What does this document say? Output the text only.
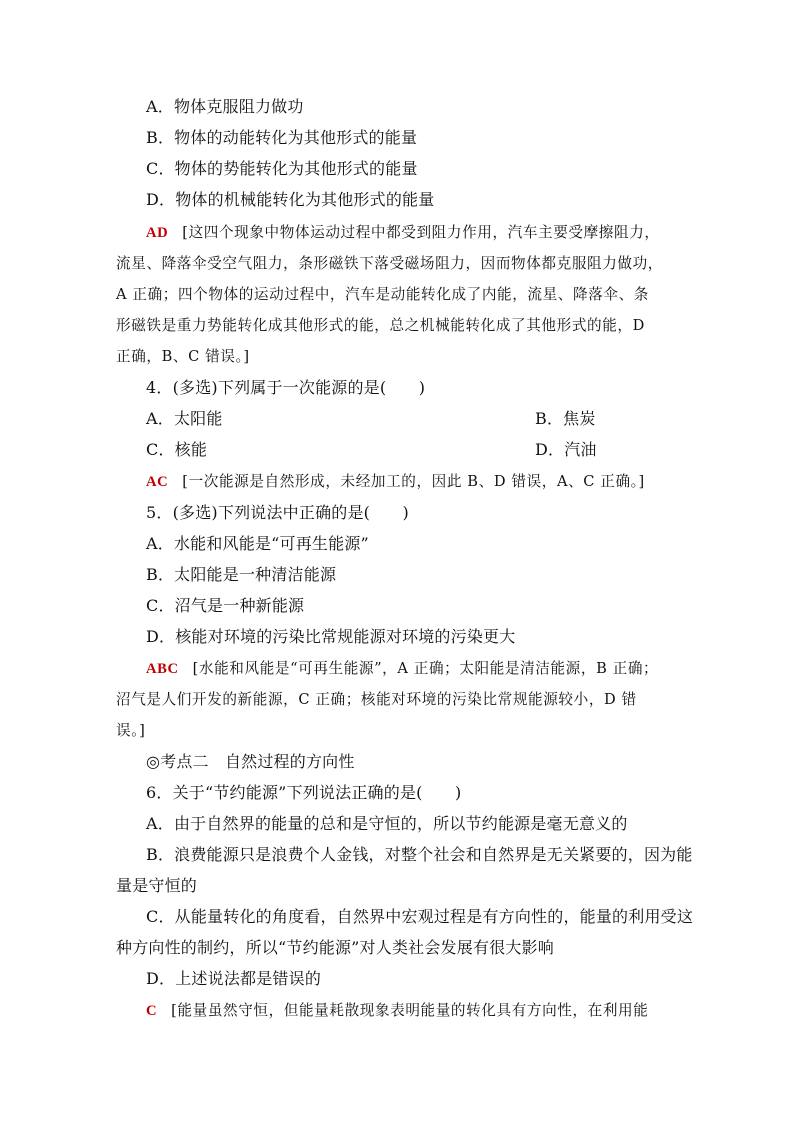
A．物体克服阻力做功
B．物体的动能转化为其他形式的能量
C．物体的势能转化为其他形式的能量
D．物体的机械能转化为其他形式的能量
AD [这四个现象中物体运动过程中都受到阻力作用，汽车主要受摩擦阻力，
流星、降落伞受空气阻力，条形磁铁下落受磁场阻力，因而物体都克服阻力做功，
A 正确；四个物体的运动过程中，汽车是动能转化成了内能，流星、降落伞、条
形磁铁是重力势能转化成其他形式的能，总之机械能转化成了其他形式的能，D
正确，B、C 错误。]
4．(多选)下列属于一次能源的是(　　)
A．太阳能	B．焦炭
C．核能	D．汽油
AC [一次能源是自然形成，未经加工的，因此 B、D 错误，A、C 正确。]
5．(多选)下列说法中正确的是(　　)
A．水能和风能是“可再生能源”
B．太阳能是一种清洁能源
C．沼气是一种新能源
D．核能对环境的污染比常规能源对环境的污染更大
ABC [水能和风能是“可再生能源”，A 正确；太阳能是清洁能源，B 正确；
沼气是人们开发的新能源，C 正确；核能对环境的污染比常规能源较小，D 错
误。]
◎考点二　自然过程的方向性
6．关于“节约能源”下列说法正确的是(　　)
A．由于自然界的能量的总和是守恒的，所以节约能源是毫无意义的
B．浪费能源只是浪费个人金钱，对整个社会和自然界是无关紧要的，因为能
量是守恒的
C．从能量转化的角度看，自然界中宏观过程是有方向性的，能量的利用受这
种方向性的制约，所以“节约能源”对人类社会发展有很大影响
D．上述说法都是错误的
C [能量虽然守恒，但能量耗散现象表明能量的转化具有方向性，在利用能
